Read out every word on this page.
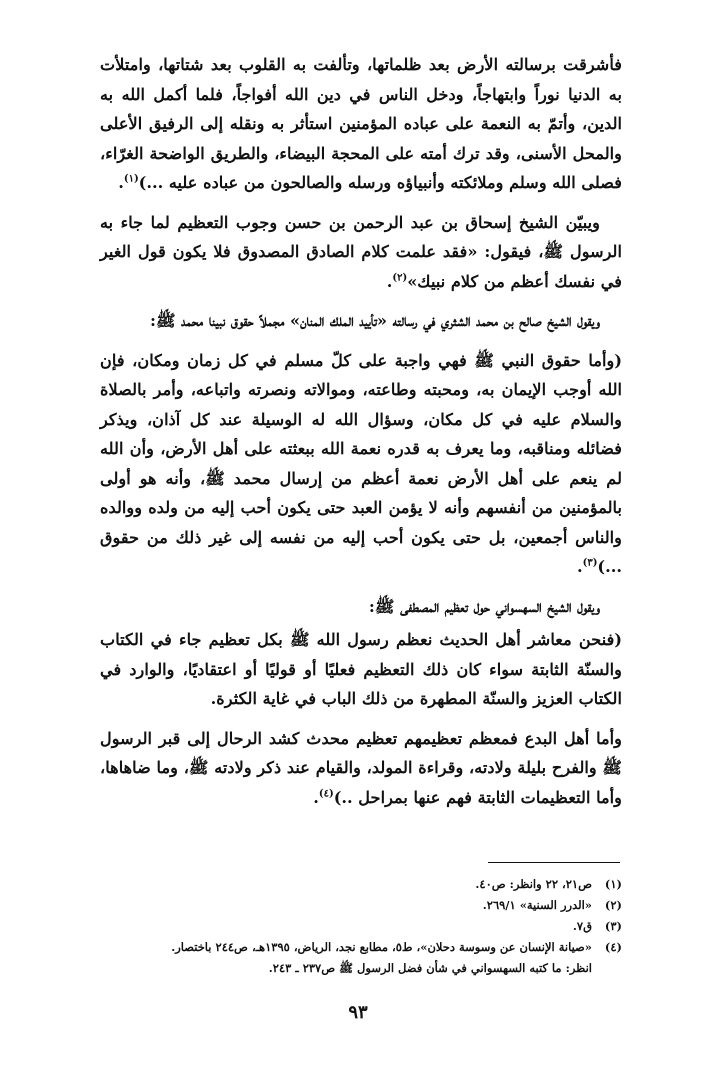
فأشرقت برسالته الأرض بعد ظلماتها، وتألفت به القلوب بعد شتاتها، وامتلأت به الدنيا نوراً وابتهاجاً، ودخل الناس في دين الله أفواجاً، فلما أكمل الله به الدين، وأتمّ به النعمة على عباده المؤمنين استأثر به ونقله إلى الرفيق الأعلى والمحل الأسنى، وقد ترك أمته على المحجة البيضاء، والطريق الواضحة الغرّاء، فصلى الله وسلم وملائكته وأنبياؤه ورسله والصالحون من عباده عليه ...)$^{(١)}$.

ويبيّن الشيخ إسحاق بن عبد الرحمن بن حسن وجوب التعظيم لما جاء به الرسول ﷺ، فيقول: «فقد علمت كلام الصادق المصدوق فلا يكون قول الغير في نفسك أعظم من كلام نبيك»$^{(٢)}$.

ويقول الشيخ صالح بن محمد الشثري في رسالته «تأييد الملك المنان» مجملاً حقوق نبينا محمد ﷺ:

(وأما حقوق النبي ﷺ فهي واجبة على كلّ مسلم في كل زمان ومكان، فإن الله أوجب الإيمان به، ومحبته وطاعته، وموالاته ونصرته واتباعه، وأمر بالصلاة والسلام عليه في كل مكان، وسؤال الله له الوسيلة عند كل آذان، ويذكر فضائله ومناقبه، وما يعرف به قدره نعمة الله ببعثته على أهل الأرض، وأن الله لم ينعم على أهل الأرض نعمة أعظم من إرسال محمد ﷺ، وأنه هو أولى بالمؤمنين من أنفسهم وأنه لا يؤمن العبد حتى يكون أحب إليه من ولده ووالده والناس أجمعين، بل حتى يكون أحب إليه من نفسه إلى غير ذلك من حقوق ...)$^{(٣)}$.

ويقول الشيخ السهسواني حول تعظيم المصطفى ﷺ:

(فنحن معاشر أهل الحديث نعظم رسول الله ﷺ بكل تعظيم جاء في الكتاب والسنّة الثابتة سواء كان ذلك التعظيم فعليًا أو قوليًا أو اعتقاديًا، والوارد في الكتاب العزيز والسنّة المطهرة من ذلك الباب في غاية الكثرة.

وأما أهل البدع فمعظم تعظيمهم تعظيم محدث كشد الرحال إلى قبر الرسول ﷺ والفرح بليلة ولادته، وقراءة المولد، والقيام عند ذكر ولادته ﷺ، وما ضاهاها، وأما التعظيمات الثابتة فهم عنها بمراحل ..)$^{(٤)}$.

(١)
ص٢١، ٢٢ وانظر: ص٤٠.
(٢)
«الدرر السنية» ٢٦٩/١.
(٣)
ق٧.
(٤)
«صيانة الإنسان عن وسوسة دحلان»، ط٥، مطابع نجد، الرياض، ١٣٩٥هـ، ص٢٤٤ باختصار.
انظر: ما كتبه السهسواني في شأن فضل الرسول ﷺ ص٢٣٧ ـ ٢٤٣.
٩٣
